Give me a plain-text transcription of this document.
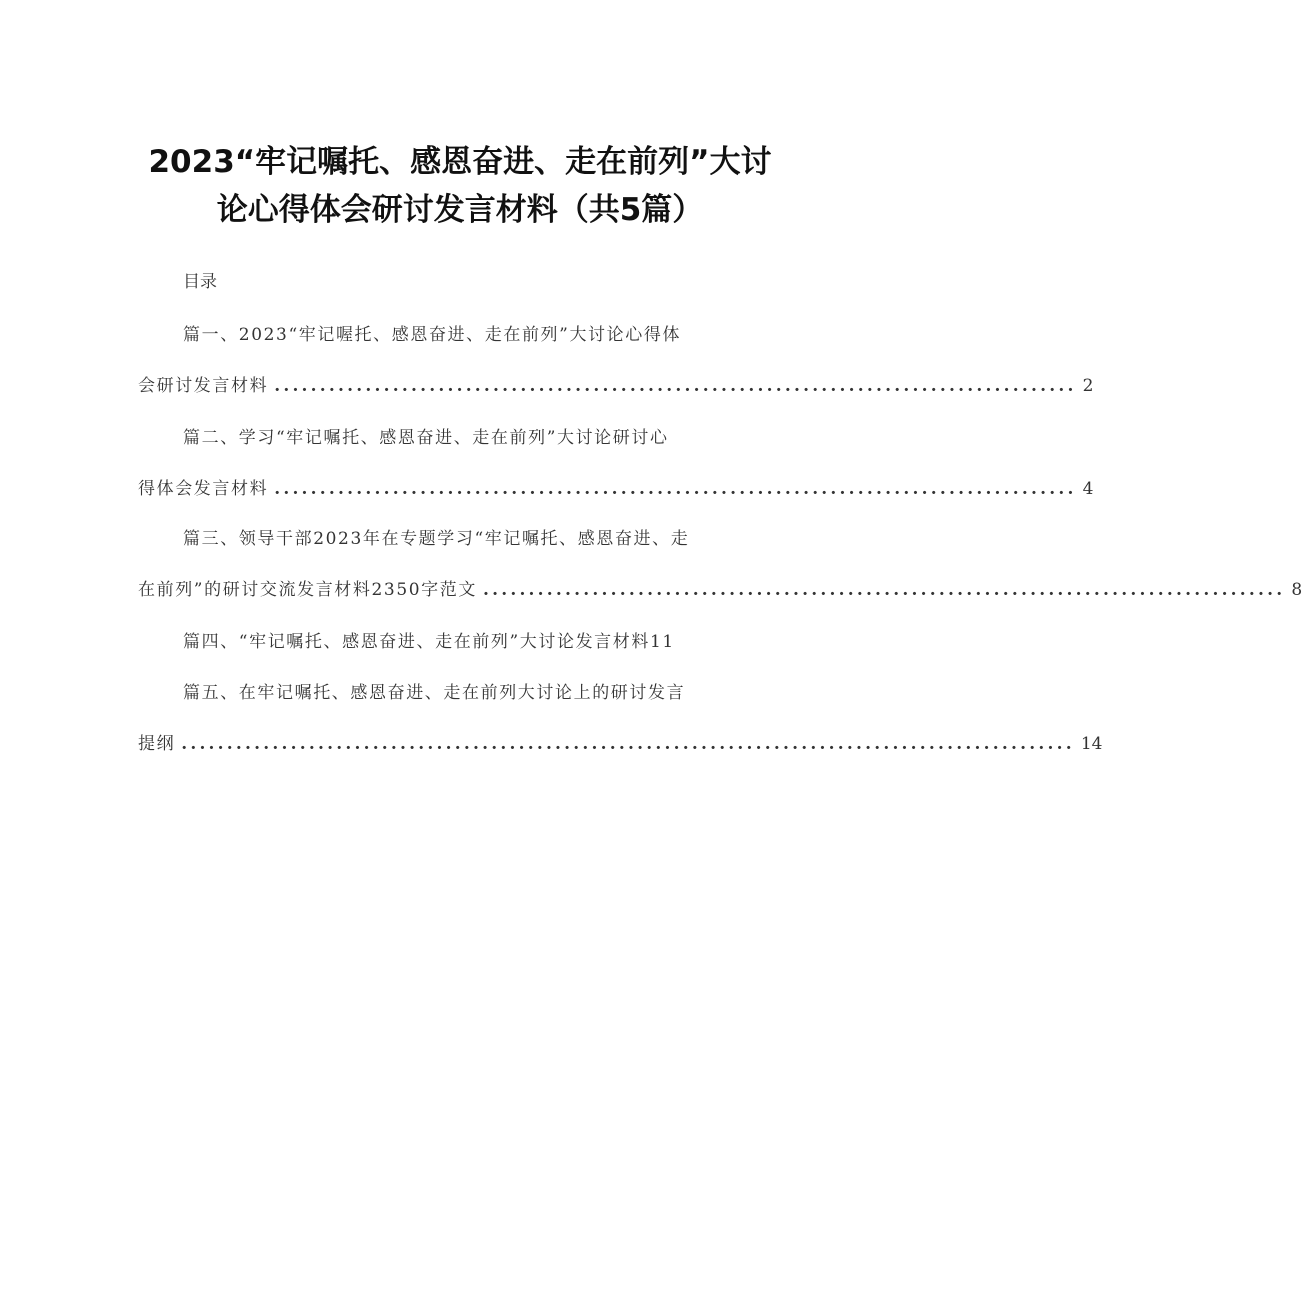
2023“牢记嘱托、感恩奋进、走在前列”大讨
论心得体会研讨发言材料（共5篇）
目录
篇一、2023“牢记喔托、感恩奋进、走在前列”大讨论心得体
会研讨发言材料 ........................................................................................ 2
篇二、学习“牢记嘱托、感恩奋进、走在前列”大讨论研讨心
得体会发言材料 ........................................................................................ 4
篇三、领导干部2023年在专题学习“牢记嘱托、感恩奋进、走
在前列”的研讨交流发言材料2350字范文 ........................................................................................ 8
篇四、“牢记嘱托、感恩奋进、走在前列”大讨论发言材料11
篇五、在牢记嘱托、感恩奋进、走在前列大讨论上的研讨发言
提纲 .................................................................................................. 14
